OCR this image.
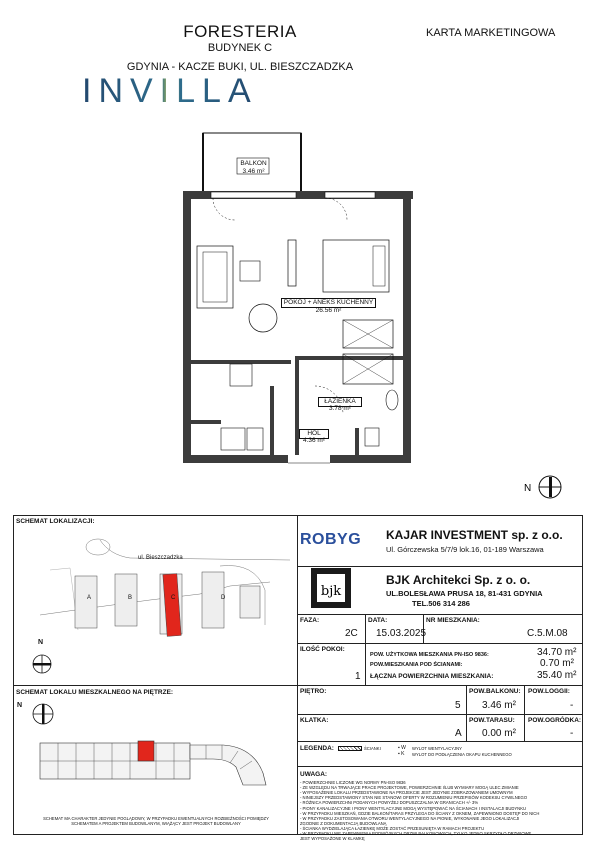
FORESTERIA
BUDYNEK C
GDYNIA - KACZE BUKI, UL. BIESZCZADZKA
KARTA MARKETINGOWA
INVILLA
BALKON
3.46 m²
POKÓJ + ANEKS KUCHENNY
26.56 m²
ŁAZIENKA
3.78 m²
HOL
4.36 m²
N
ROBYG KAJAR INVESTMENT sp. z o.o.
Ul. Górczewska 5/7/9 lok.16, 01-189 Warszawa
bjk
BJK Architekci Sp. z o. o.
UL.BOLESŁAWA PRUSA 18, 81-431 GDYNIA
TEL.506 314 286
FAZA:
2C
DATA:
15.03.2025
NR MIESZKANIA:
C.5.M.08
ILOŚĆ POKOI:
1
POW. UŻYTKOWA MIESZKANIA PN-ISO 9836:	34.70 m²
POW.MIESZKANIA POD ŚCIANAMI:	0.70 m²
ŁĄCZNA POWIERZCHNIA MIESZKANIA:	35.40 m²
PIĘTRO:
5
POW.BALKONU:
3.46 m²
POW.LOGGII:
-
KLATKA:
A
POW.TARASU:
0.00 m²
POW.OGRÓDKA:
-
LEGENDA:	ŚCIANKI	▪ W WYLOT WENTYLACYJNY
▪ K WYLOT DO PODŁĄCZENIA OKAPU KUCHENNEGO
UWAGA:
- POWIERZCHNIE LICZONE WG NORMY PN-ISO 9836
- ZE WZGLĘDU NA TRWAJĄCE PRACE PROJEKTOWE, POWIERZCHNIE I/LUB WYMIARY MOGĄ ULEC ZMIANIE
- WYPOSAŻENIE LOKALU PRZEDSTAWIONE NA PROJEKCIE JEST JEDYNIE ZOBRAZOWANIEM UMOWNYM
- NINIEJSZY PRZEDSTAWIONY STAN NIE STANOWI OFERTY W ROZUMIENIU PRZEPISÓW KODEKSU CYWILNEGO
- RÓŻNICA POWIERZCHNI PODANYCH POWYŻEJ DOPUSZCZALNA W GRANICACH +/- 3%
- PIONY KANALIZACYJNE I PIONY WENTYLACYJNE MOGĄ WYSTĘPOWAĆ NA ŚCIANACH I INSTALACJI BUDYNKU
- W PRZYPADKU MIESZKAŃ, GDZIE BALKON/TARAS PRZYLEGA DO ŚCIANY Z OKNEM, ZAPEWNIONO DOSTĘP DO NICH
- W PRZYPADKU ZASTOSOWANIA OTWORU WENTYLACYJNEGO NA PIONIE, WYKONANIE JEGO LOKALIZACJI
ZGODNIE Z DOKUMENTACJĄ BUDOWLANĄ
- ŚCIANKA WYDZIELAJĄCA ŁAZIENKĘ MOŻE ZOSTAĆ PRZESUNIĘTA W RAMACH PROJEKTU
- W PRZYPADKU NIE ZAPEWNIENIA PODWÓJNYCH DRZWI BALKONOWYCH, TYLKO JEDNO SKRZYDŁO DRZWIOWE
JEST WYPOSAŻONE W KLAMKĘ
SCHEMAT LOKALIZACJI:
ul. Bieszczadzka
A	B	C	D
N
SCHEMAT LOKALU MIESZKALNEGO NA PIĘTRZE:
N
SCHEMAT MA CHARAKTER JEDYNIE POGLĄDOWY, W PRZYPADKU EWENTUALNYCH ROZBIEŻNOŚCI POMIĘDZY
SCHEMATEM A PROJEKTEM BUDOWLANYM, WIĄŻĄCY JEST PROJEKT BUDOWLANY
